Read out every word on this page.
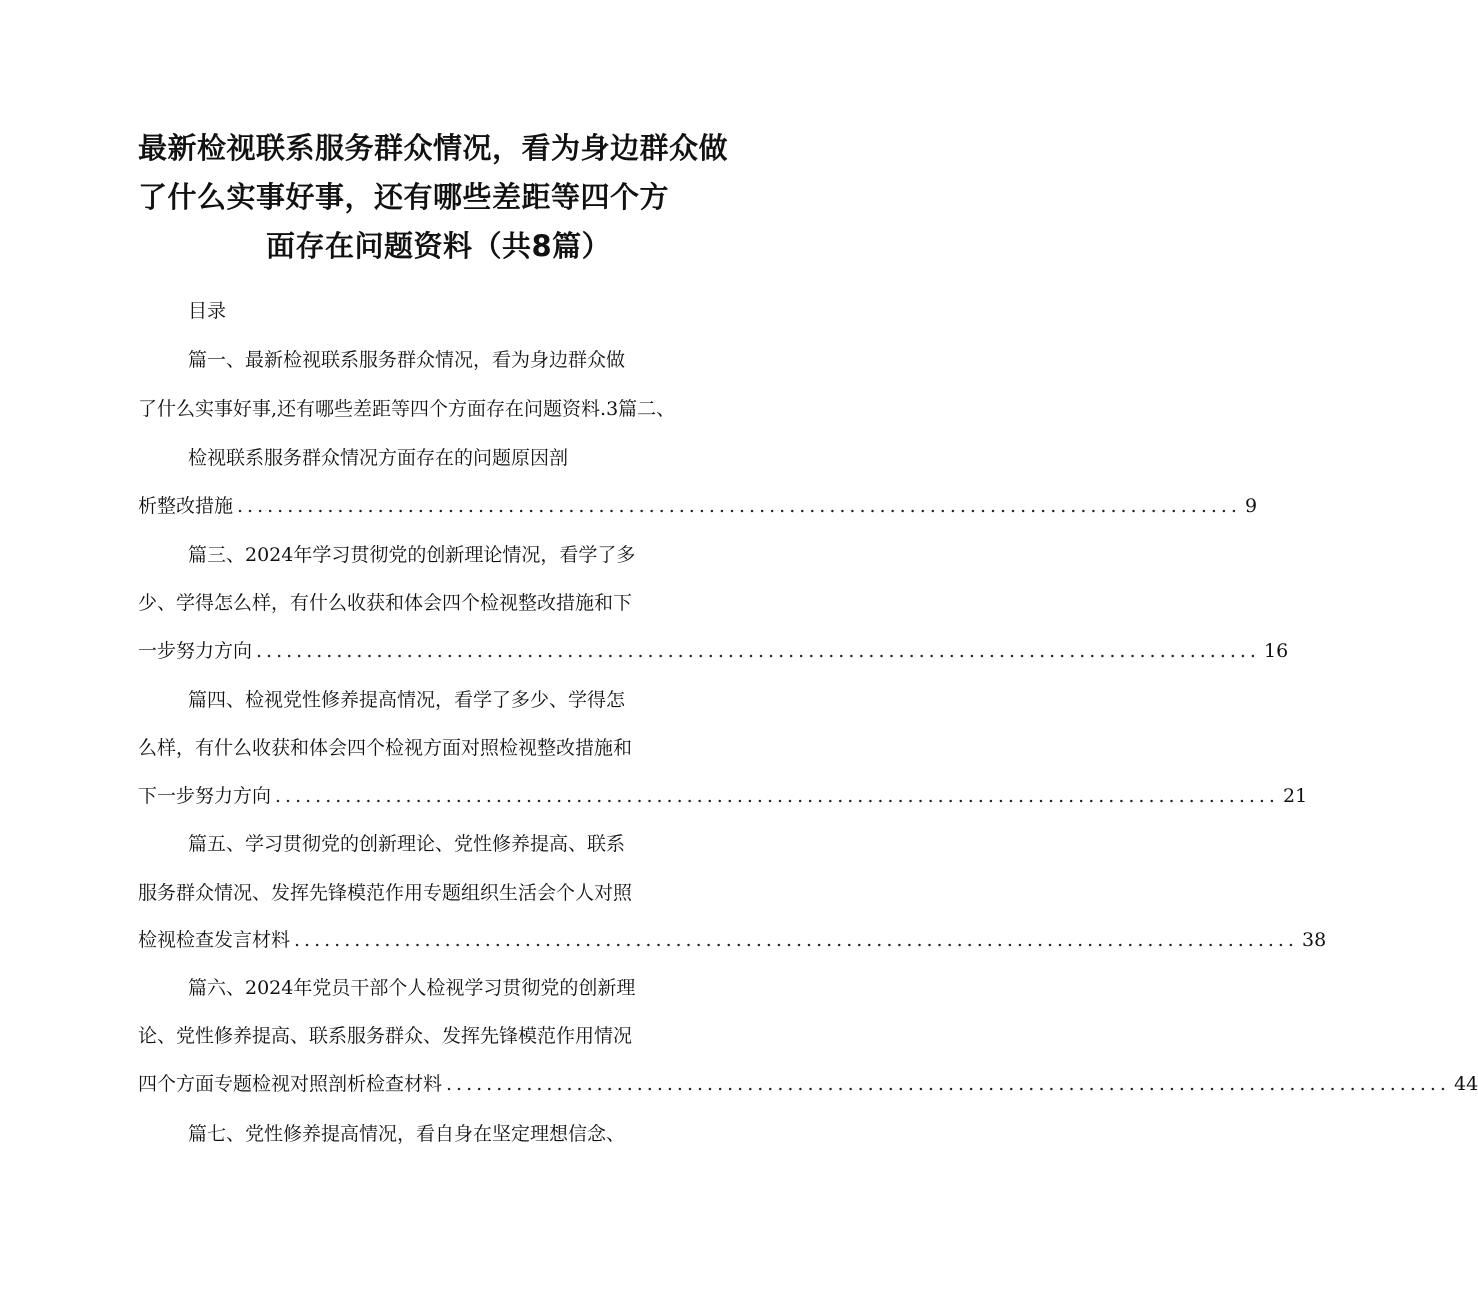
最新检视联系服务群众情况，看为身边群众做
了什么实事好事，还有哪些差距等四个方
面存在问题资料（共8篇）
目录
篇一、最新检视联系服务群众情况，看为身边群众做
了什么实事好事,还有哪些差距等四个方面存在问题资料.3篇二、
检视联系服务群众情况方面存在的问题原因剖
析整改措施 .................................................................................................... 9
篇三、2024年学习贯彻党的创新理论情况，看学了多
少、学得怎么样，有什么收获和体会四个检视整改措施和下
一步努力方向 .................................................................................................... 16
篇四、检视党性修养提高情况，看学了多少、学得怎
么样，有什么收获和体会四个检视方面对照检视整改措施和
下一步努力方向 .................................................................................................... 21
篇五、学习贯彻党的创新理论、党性修养提高、联系
服务群众情况、发挥先锋模范作用专题组织生活会个人对照
检视检查发言材料 .................................................................................................... 38
篇六、2024年党员干部个人检视学习贯彻党的创新理
论、党性修养提高、联系服务群众、发挥先锋模范作用情况
四个方面专题检视对照剖析检查材料 .................................................................................................... 44
篇七、党性修养提高情况，看自身在坚定理想信念、
